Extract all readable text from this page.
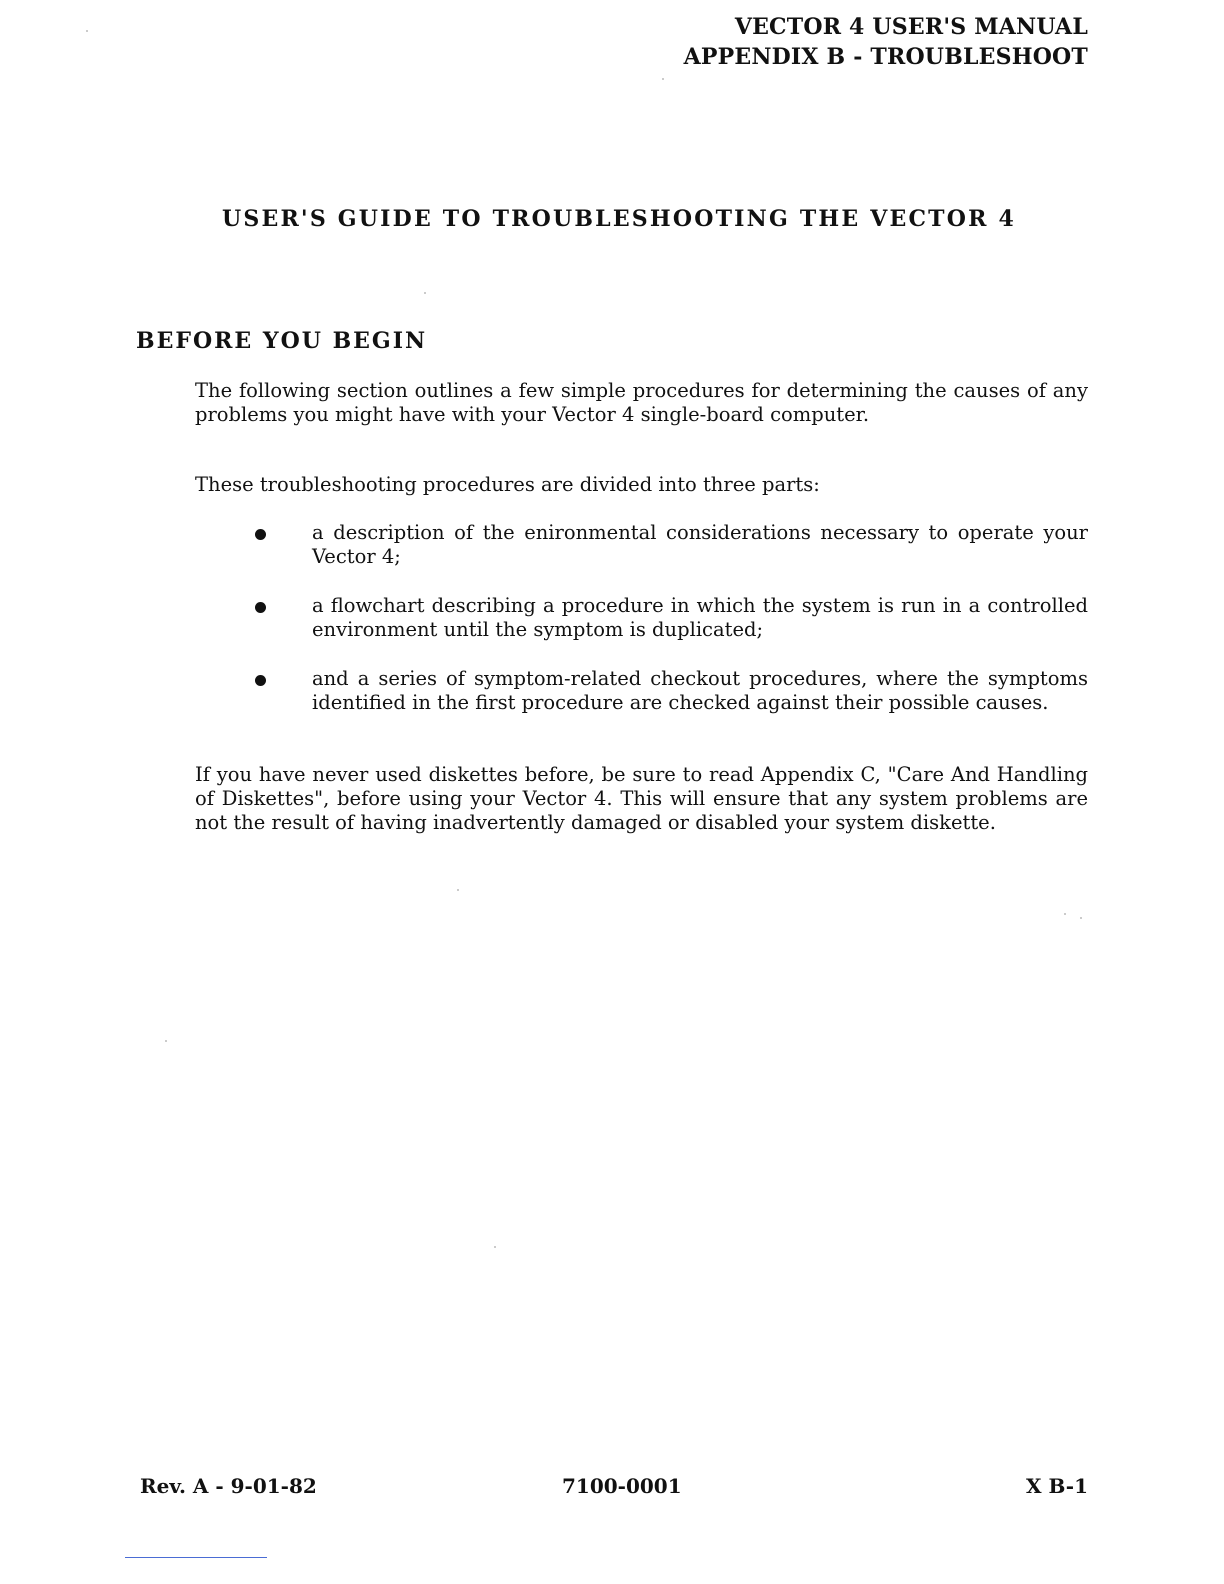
VECTOR 4 USER'S MANUAL
APPENDIX B - TROUBLESHOOT
USER'S GUIDE TO TROUBLESHOOTING THE VECTOR 4
BEFORE YOU BEGIN
The following section outlines a few simple procedures for determining the causes of any problems you might have with your Vector 4 single-board computer.
These troubleshooting procedures are divided into three parts:
a description of the enironmental considerations necessary to operate your Vector 4;
a flowchart describing a procedure in which the system is run in a controlled environment until the symptom is duplicated;
and a series of symptom-related checkout procedures, where the symptoms identified in the first procedure are checked against their possible causes.
If you have never used diskettes before, be sure to read Appendix C, "Care And Handling of Diskettes", before using your Vector 4. This will ensure that any system problems are not the result of having inadvertently damaged or disabled your system diskette.
Rev. A - 9-01-82	7100-0001	X B-1
